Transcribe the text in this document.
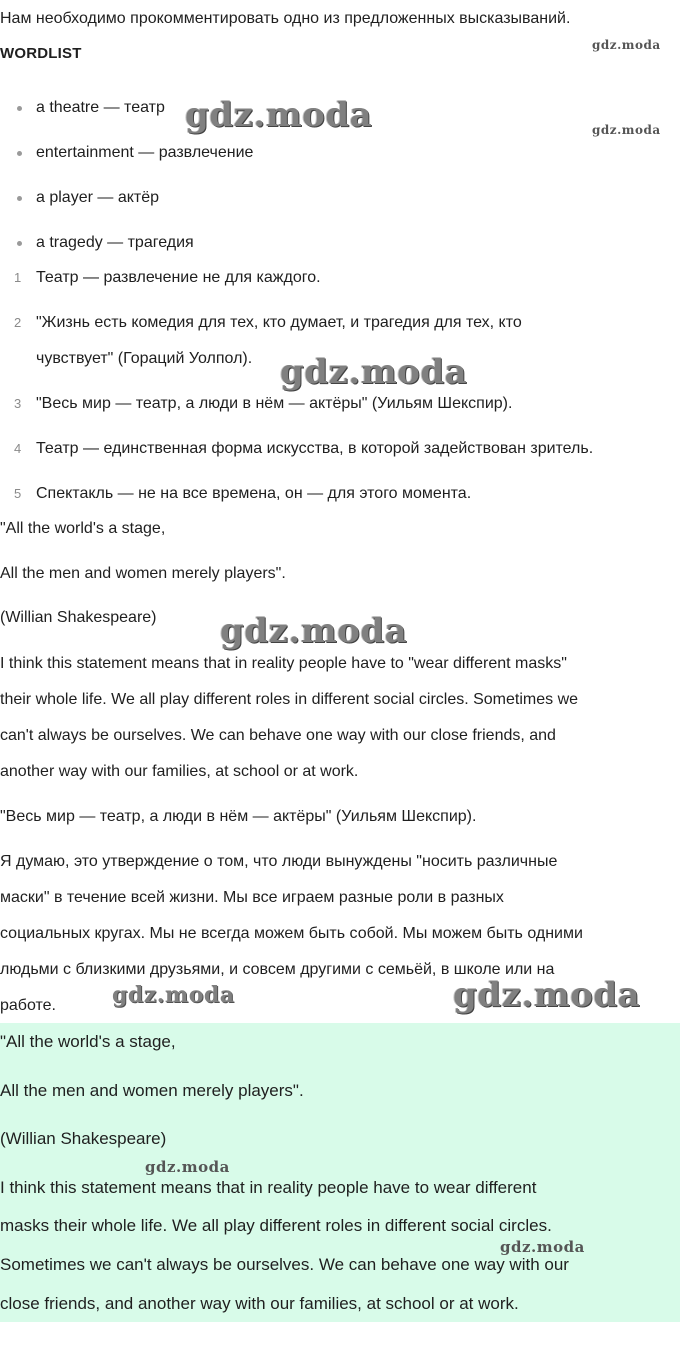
Нам необходимо прокомментировать одно из предложенных высказываний.
WORDLIST
a theatre — театр
entertainment — развлечение
a player — актёр
a tragedy — трагедия
1 Театр — развлечение не для каждого.
2 "Жизнь есть комедия для тех, кто думает, и трагедия для тех, кто
чувствует" (Гораций Уолпол).
3 "Весь мир — театр, а люди в нём — актёры" (Уильям Шекспир).
4 Театр — единственная форма искусства, в которой задействован зритель.
5 Спектакль — не на все времена, он — для этого момента.
"All the world's a stage,
All the men and women merely players".
(Willian Shakespeare)
I think this statement means that in reality people have to "wear different masks"
their whole life. We all play different roles in different social circles. Sometimes we
can't always be ourselves. We can behave one way with our close friends, and
another way with our families, at school or at work.
"Весь мир — театр, а люди в нём — актёры" (Уильям Шекспир).
Я думаю, это утверждение о том, что люди вынуждены "носить различные
маски" в течение всей жизни. Мы все играем разные роли в разных
социальных кругах. Мы не всегда можем быть собой. Мы можем быть одними
людьми с близкими друзьями, и совсем другими с семьёй, в школе или на
работе.
"All the world's a stage,
All the men and women merely players".
(Willian Shakespeare)
I think this statement means that in reality people have to wear different
masks their whole life. We all play different roles in different social circles.
Sometimes we can't always be ourselves. We can behave one way with our
close friends, and another way with our families, at school or at work.
gdz.moda
gdz.moda	gdz.moda
gdz.moda
gdz.moda
gdz.moda	gdz.moda
gdz.moda
gdz.moda
